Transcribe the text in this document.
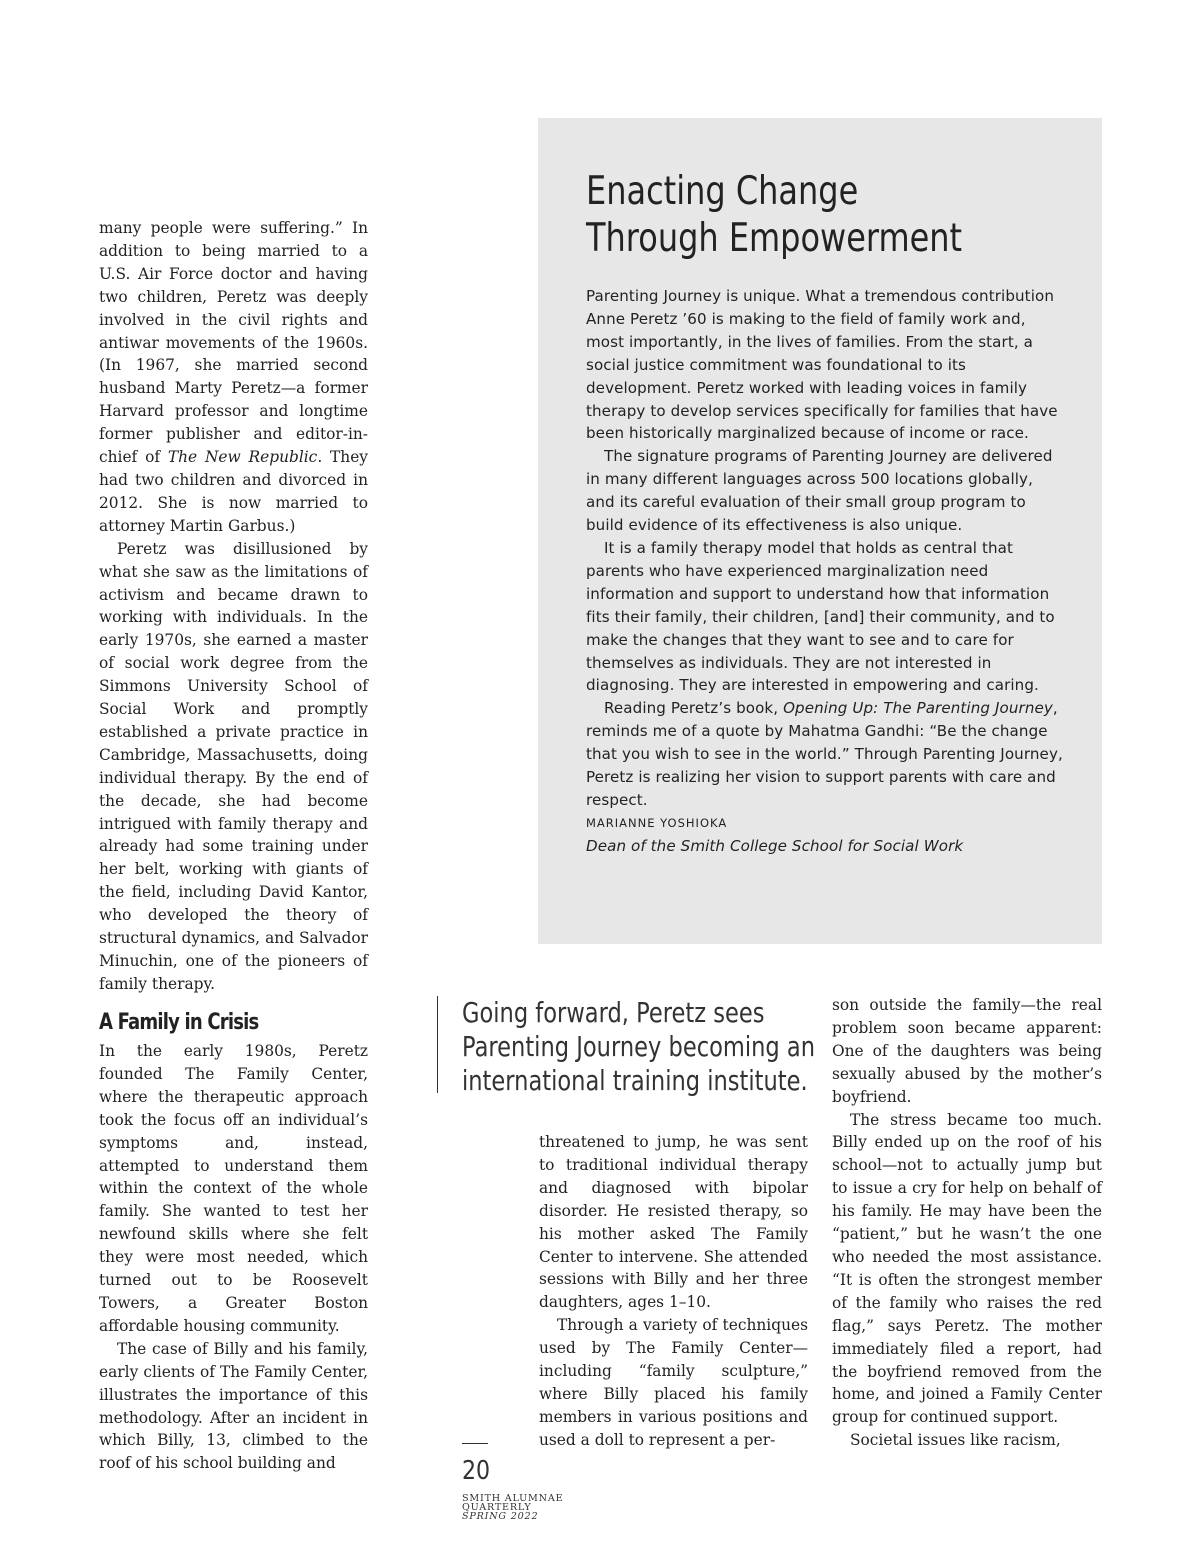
many people were suffering.” In addition to being married to a U.S. Air Force doctor and having two children, Peretz was deeply involved in the civil rights and antiwar movements of the 1960s. (In 1967, she married second husband Marty Peretz—a former Harvard professor and longtime former publisher and editor-in-chief of The New Republic. They had two children and divorced in 2012. She is now married to attorney Martin Garbus.)

Peretz was disillusioned by what she saw as the limitations of activism and became drawn to working with individuals. In the early 1970s, she earned a master of social work degree from the Simmons University School of Social Work and promptly established a private practice in Cambridge, Massachusetts, doing individual therapy. By the end of the decade, she had become intrigued with family therapy and already had some training under her belt, working with giants of the field, including David Kantor, who developed the theory of structural dynamics, and Salvador Minuchin, one of the pioneers of family therapy.

A Family in Crisis

In the early 1980s, Peretz founded The Family Center, where the therapeutic approach took the focus off an individual’s symptoms and, instead, attempted to understand them within the context of the whole family. She wanted to test her newfound skills where she felt they were most needed, which turned out to be Roosevelt Towers, a Greater Boston affordable housing community.

The case of Billy and his family, early clients of The Family Center, illustrates the importance of this methodology. After an incident in which Billy, 13, climbed to the roof of his school building and

Enacting Change
Through Empowerment

Parenting Journey is unique. What a tremendous contribution Anne Peretz ’60 is making to the field of family work and, most importantly, in the lives of families. From the start, a social justice commitment was foundational to its development. Peretz worked with leading voices in family therapy to develop services specifically for families that have been historically marginalized because of income or race.

The signature programs of Parenting Journey are delivered in many different languages across 500 locations globally, and its careful evaluation of their small group program to build evidence of its effectiveness is also unique.

It is a family therapy model that holds as central that parents who have experienced marginalization need information and support to understand how that information fits their family, their children, [and] their community, and to make the changes that they want to see and to care for themselves as individuals. They are not interested in diagnosing. They are interested in empowering and caring.

Reading Peretz’s book, Opening Up: The Parenting Journey, reminds me of a quote by Mahatma Gandhi: “Be the change that you wish to see in the world.” Through Parenting Journey, Peretz is realizing her vision to support parents with care and respect.

MARIANNE YOSHIOKA

Dean of the Smith College School for Social Work

Going forward, Peretz sees Parenting Journey becoming an international training institute.

threatened to jump, he was sent to traditional individual therapy and diagnosed with bipolar disorder. He resisted therapy, so his mother asked The Family Center to intervene. She attended sessions with Billy and her three daughters, ages 1–10.

Through a variety of techniques used by The Family Center—including “family sculpture,” where Billy placed his family members in various positions and used a doll to represent a per-

son outside the family—the real problem soon became apparent: One of the daughters was being sexually abused by the mother’s boyfriend.

The stress became too much. Billy ended up on the roof of his school—not to actually jump but to issue a cry for help on behalf of his family. He may have been the “patient,” but he wasn’t the one who needed the most assistance. “It is often the strongest member of the family who raises the red flag,” says Peretz. The mother immediately filed a report, had the boyfriend removed from the home, and joined a Family Center group for continued support.

Societal issues like racism,

20
SMITH ALUMNAE
QUARTERLY
SPRING 2022
